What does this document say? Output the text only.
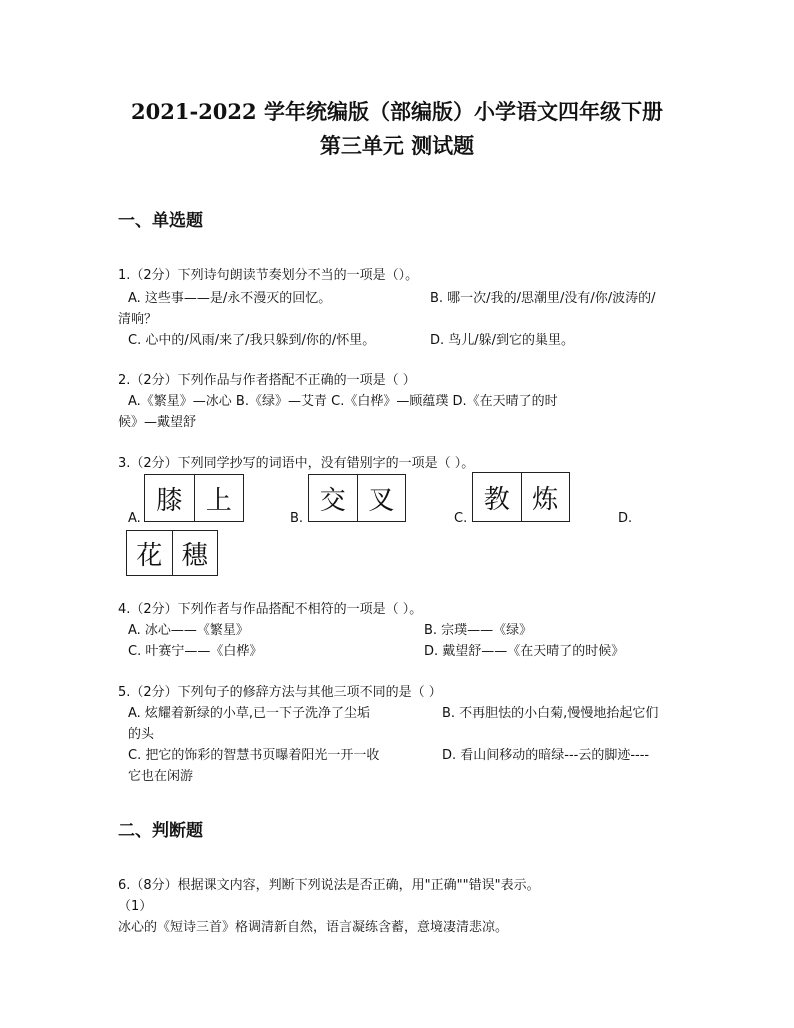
2021-2022 学年统编版（部编版）小学语文四年级下册
第三单元 测试题
一、单选题
1.（2分）下列诗句朗读节奏划分不当的一项是（）。
A. 这些事——是/永不漫灭的回忆。	B. 哪一次/我的/思潮里/没有/你/波涛的/
清响？
C. 心中的/风雨/来了/我只躲到/你的/怀里。	D. 鸟儿/躲/到它的巢里。
2.（2分）下列作品与作者搭配不正确的一项是（ ）
A.《繁星》—冰心 B.《绿》—艾青 C.《白桦》—顾蕴璞 D.《在天晴了的时
候》—戴望舒
3.（2分）下列同学抄写的词语中，没有错别字的一项是（ ）。
A.
膝 上
B.
交 叉
C.
教 炼
D.
花 穗
4.（2分）下列作者与作品搭配不相符的一项是（ ）。
A. 冰心——《繁星》	B. 宗璞——《绿》
C. 叶赛宁——《白桦》	D. 戴望舒——《在天晴了的时候》
5.（2分）下列句子的修辞方法与其他三项不同的是（ ）
A. 炫耀着新绿的小草,已一下子洗净了尘垢	B. 不再胆怯的小白菊,慢慢地抬起它们
的头
C. 把它的饰彩的智慧书页曝着阳光一开一收	D. 看山间移动的暗绿---云的脚迹----
它也在闲游
二、判断题
6.（8分）根据课文内容，判断下列说法是否正确，用"正确""错误"表示。
（1）
冰心的《短诗三首》格调清新自然，语言凝练含蓄，意境凄清悲凉。
